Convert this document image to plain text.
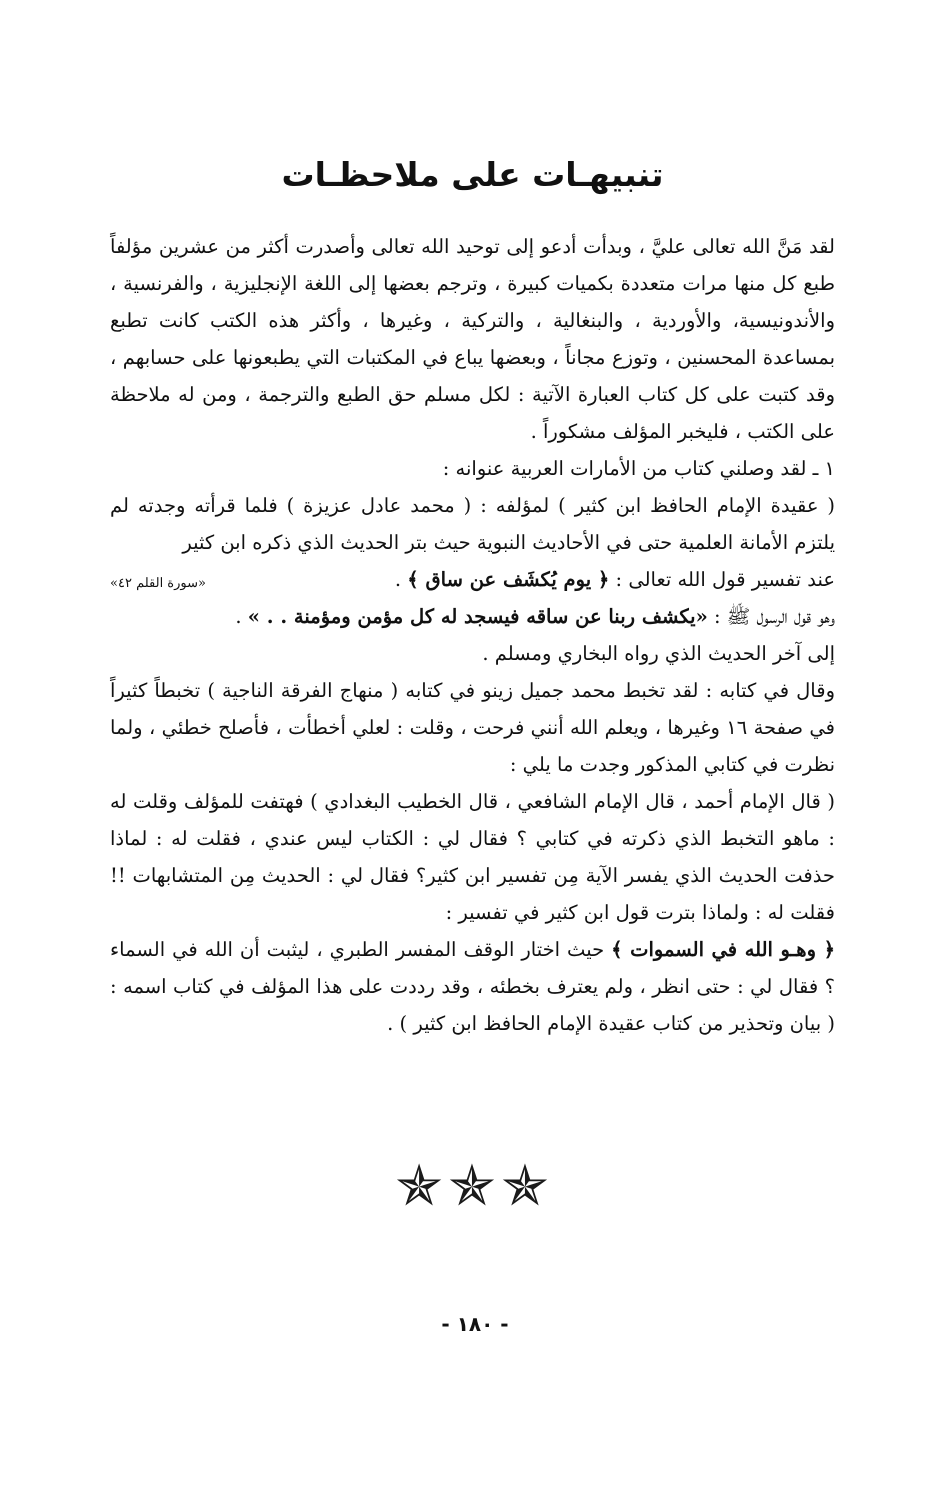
تنبيهـات على ملاحظـات

لقد مَنَّ الله تعالى عليَّ ، وبدأت أدعو إلى توحيد الله تعالى وأصدرت أكثر من عشرين مؤلفاً طبع كل منها مرات متعددة بكميات كبيرة ، وترجم بعضها إلى اللغة الإنجليزية ، والفرنسية ، والأندونيسية، والأوردية ، والبنغالية ، والتركية ، وغيرها ، وأكثر هذه الكتب كانت تطبع بمساعدة المحسنين ، وتوزع مجاناً ، وبعضها يباع في المكتبات التي يطبعونها على حسابهم ، وقد كتبت على كل كتاب العبارة الآتية : لكل مسلم حق الطبع والترجمة ، ومن له ملاحظة على الكتب ، فليخبر المؤلف مشكوراً .

١ ـ لقد وصلني كتاب من الأمارات العربية عنوانه :

( عقيدة الإمام الحافظ ابن كثير ) لمؤلفه : ( محمد عادل عزيزة ) فلما قرأته وجدته لم يلتزم الأمانة العلمية حتى في الأحاديث النبوية حيث بتر الحديث الذي ذكره ابن كثير

عند تفسير قول الله تعالى : ﴿ يوم يُكشَف عن ساق ﴾ .
«سورة القلم ٤٢»

وهو قول الرسول ﷺ : «يكشف ربنا عن ساقه فيسجد له كل مؤمن ومؤمنة . . » .

إلى آخر الحديث الذي رواه البخاري ومسلم .

وقال في كتابه : لقد تخبط محمد جميل زينو في كتابه ( منهاج الفرقة الناجية ) تخبطاً كثيراً في صفحة ١٦ وغيرها ، ويعلم الله أنني فرحت ، وقلت : لعلي أخطأت ، فأصلح خطئي ، ولما نظرت في كتابي المذكور وجدت ما يلي :

( قال الإمام أحمد ، قال الإمام الشافعي ، قال الخطيب البغدادي ) فهتفت للمؤلف وقلت له : ماهو التخبط الذي ذكرته في كتابي ؟ فقال لي : الكتاب ليس عندي ، فقلت له : لماذا حذفت الحديث الذي يفسر الآية مِن تفسير ابن كثير؟ فقال لي : الحديث مِن المتشابهات !! فقلت له : ولماذا بترت قول ابن كثير في تفسير :

﴿ وهـو الله في السموات ﴾ حيث اختار الوقف المفسر الطبري ، ليثبت أن الله في السماء ؟ فقال لي : حتى انظر ، ولم يعترف بخطئه ، وقد رددت على هذا المؤلف في كتاب اسمه : ( بيان وتحذير من كتاب عقيدة الإمام الحافظ ابن كثير ) .

✯✯✯
- ١٨٠ -
